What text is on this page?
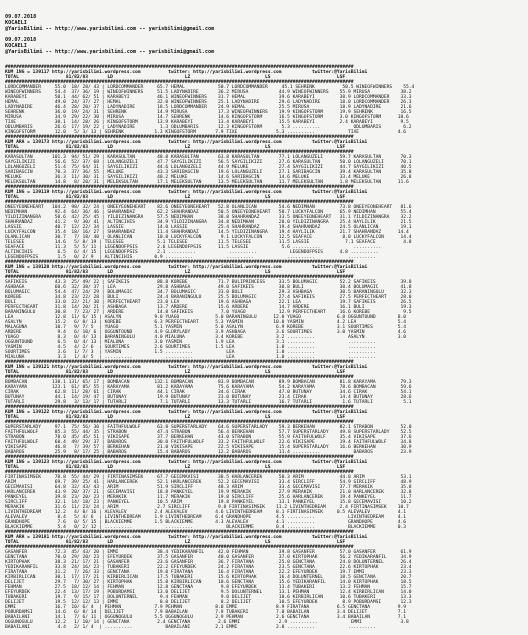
09.07.2018
KOCAELI
@YarisBilimi -- http://www.yarisbilimi.com -- yarisbilimi@gmail.com
09.07.2018
KOCAELI
@YarisBilimi -- http://www.yarisbilimi.com -- yarisbilimi@gmail.com

##############################################################################################################################
KUM 1NG = 139117 http://yarisbilimi.wordpress.com          twitter: http://yarisbilimi.wordpress.com           twitter:@YarisBilimi
TOTAL                 81/82/83       LD                          LZ                           LS                        LSF
##############################################################################################################################
LORDCOMMANDER     55.0  18/ 28/ 43 | LORDCOMMANDER     65.7 HEMAL            50.7 LORDCOMMANDER     45.1 SEHRENK          50.5 WINEOFWINNERS    55.4
WINEOFWINNERS     54.4  37/ 36/ 19 | WINEOFWINNERS     51.5 LADYNADIRE       36.2 MIRUSA           44.9 WINEOFWINNERS    55.9 MIRUSA           38.2
KARABEYI          50.1  44/ 62/ 51 | KARABEYI          46.1 WINEOFWINNERS    31.7 HEMAL            39.6 KARABEYI         38.9 LORDCOMMANDER    33.3
HEMAL             49.0  24/ 37/ 27 | HEMAL             32.0 WINEOFWINNERS    25.1 LADYNADIRE       29.6 LADYNADIRE       18.0 LORDCOMMANDER    26.3
LADYNADIRE        46.4  28/ 20/ 37 | LADYNADIRE        18.5 LORDCOMMANDER    24.9 HEMAL            25.5 MIRUSA           18.9 LADYNADIRE       21.6
SEHRENK           36.0  19/ 24/ 31 | SEHRENK           14.9 MIRUSA           17.3 WINEOFWINNERS    19.9 KINGOFSTORM      19.9 SEHRENK          16.5
MIRUSA            34.9  29/ 22/ 30 | MIRUSA            14.7 SEHRENK          14.6 KINGOFSTORM      16.5 KINGOFSTORM      3.0 KINGOFSTORM      10.6
TIXE              30.1  14/ 28/ 26 | KINGOFSTORM       13.9 KARABEYI         13.4 KARABEYI         15.5 KARABEYI         2.4 KARABEYI          9.5
ODLUMBARIS        26.6  17/ 19/ 22 | LADYNADIRE         1.3 ODLUMBARIS       12.3 KINGOFSTORM       5.3 ..........            ODLUMBARIS        6.2
KINGOFSTORM       12.0   5/ 3/ 13 | SEHRENK           1.3 KINGOFSTORM       7.9 TIXE              5.3 ..........            TIXE              4.6
##############################################################################################################################
KUM ARA = 139173 http://yarisbilimi.wordpress.com          twitter: http://yarisbilimi.wordpress.com           twitter:@YarisBilimi
TOTAL                 81/82/83       LD                          LZ                           LS                        LSF
##############################################################################################################################
KARASULTAN       101.3  94/ 51/ 29 | KARASULTAN        48.8 KARASULTAN       63.8 KARASULTAN       77.1 LOLANGUZELI      59.7 KARASULTAN       70.3
SAYGILIKIZI       56.6  52/ 37/ 68 | LOLANGUZELI       47.7 SAYGILIKIZI      56.5 SAYGILIKIZI      27.6 KARASULTAN       50.0 LOLANGUZELI      70.1
LOLANGUZELI       51.4  75/ 64/ 31 | SAYGILIKIZI       44.6 LOLANGUZELI      44.9 MELUKE           27.4 SAYGILIKIZI      44.7 SAYGILIKIZI      40.5
SARIBAGCIN        70.3  37/ 36/ 55 | MELUKE            43.3 SARIBAGCIN       19.6 LOLANGUZELI      27.1 SARIBAGCIN       39.4 KARASULTAN       35.8
MELUKE            36.3  11/ 30/ 31 | SAYGILIKIZI       40.2 MELUKE           14.6 SARIBAGCIN       14.6 MELUKE           33.4 MELUKE           26.8
MELEKSULTAN       14.8   8/ 20/ 31 | MELEKSULTAN       17.1 MELEKSULTAN      13.5 MELEKSULTAN      11.7 MELEKSULTAN      1.8 MELEKSULTAN      11.6
##############################################################################################################################
KUM 1NG = 139119 http://yarisbilimi.wordpress.com          twitter: http://yarisbilimi.wordpress.com           twitter:@YarisBilimi
TOTAL                 81/82/83       LD                          LZ                           LS                        LSF
##############################################################################################################################
ONEEYEONEHEART   104.2  98/ 32/ 24 | ONEEYEONEHEART    82.6 ONEEYEONEHEART   52.8 OLANLICAN        54.6 NEDIMHAN         73.8 ONEEYEONEHEART   81.6
NEDIMHAN          92.4  64/ 36/ 46 | SHAHRANDAZ        62.2 SHAHRANDAZ       50.5 ONEEYEONEHEART   50.7 LUCKYFALCON      65.9 NEDIMHAN         55.4
YILDIZINANGRA     50.6  42/ 25/ 45 | YILDIZINANGRA     57.5 NEDIMHAN         38.8 SHAHRANDAZ       33.5 ONEEYEONEHEART   31.1 YILDIZINANGRA    32.2
SHAHRANDAZ        41.2   9/ 30/ 41 | ALTINCIHIS        34.9 YILDIZINANGRA    34.8 NEDIMHAN         20.0 YILDIZINANGRA    25.4 HAYLILIK         21.5
LASSIE            40.7  12/ 22/ 34 | LASSIE            14.0 LASSIE           25.4 SHAHRANDAZ       19.4 SHAHRANDAZ       24.5 OLANLICAN        19.1
LUCKYFALCON       35.4  18/ 16/ 27 | SHAHRANDAZ        11.4 SHAHRANDAZ       14.5 YILDIZINANGRA    19.4 HAYLILIK         21.7 SHAHRANDAZ      14.4
OLANLICAN         30.7   7/ 18/ 40 | OLANLICAN         10.8 LUCKYFALCON       9.1 LUCKYFALCON      12.5 SEAFACE           8.0 LUCKYFALCON      14.4
TELESEE           14.6   5/ 8/ 19 | TELESEE            5.1 TELESEE           11.5 TELESEE          11.5 LASSIE             7.1 SEAFACE          4.8
SEAFACE           11.3   5/ 5/ 11 | LEGENDOFPSIS       2.6 LEGENDOFPSIS      11.5 LASSIE            5.6 ..........            ..........
ALTINCIHIS         6.5   6/ 4/ 15 | LEGENDOFPSIS       2.1 ..........            ..........            LEGENDOFPSIS      4.8 ..........
LEGENDOFPSIS       1.5   0/ 2/ 9  | ALTINCIHIS        0.9 ..........            ..........            ..........            ..........
##############################################################################################################################
KUM 1NG = 139120 http://yarisbilimi.wordpress.com          twitter: http://yarisbilimi.wordpress.com           twitter:@YarisBilimi
TOTAL                 81/82/83       LD                          LZ                           LS                        LSF
##############################################################################################################################
SAFIKEIS          43.3  25/ 49/ 22 | SAFIKEIS          88.8 KOREBE           71.7 BULIPRINCESS     33.5 BOLUMAGIC        52.2 SAFIKEIS         39.0
ASHBAGA           60.6  32/ 38/ 37 | LEA               29.8 ASHBAGA          49.0 SAFIKEIS         30.8 BULI             30.4 BOLUMAGIC        41.8
BOLUMAGIC         54.4  47/ 24/ 29 | BOLUMAGIC         34.7 BOLUMAGIC        33.0 BULI             29.3 ASHBAGA          30.5 BARANINGULU      32.3
KOREBE            34.8  23/ 22/ 28 | BULI              24.4 BARANINGULU      25.5 BOLUMAGIC        27.4 SAFIKEIS         27.5 PERFECTHEART     28.0
BULI              33.0  22/ 21/ 30 | PERFECTHEART      23.0 LEA              19.6 ASHBAGA          22.1 LEA              19.7 SAFIKEIS         26.5
PERFECTHEART      31.8  14/ 20/ 21 | ASHBAGA           13.7 ARDERE           15.6 ARDERE           14.7 ARDERE           16.1 BULI             19.3
BARANINGULU       30.8   7/ 23/ 27 | ARDERE            14.8 SAFIKEIS          7.0 YUAGO            12.9 PERFECTHEART     16.6 KOREBE            9.5
LEA               12.8  11/ 6/ 15 | ASALYN            9.0 YUAGO             5.0 BARANINGULU      12.0 YUAGO             6.8 OGGUNTOUND        8.0
ASALYN            15.2   6/ 8/ 13 | KOREBE            6.3 PERFECTHEART      5.3 YASMIN           10.0 YASMIN            4.2 LEA               5.4
MALAGUNA          10.7   9/ 7/ 5  | YUAGO             5.1 YASMIN            5.0 ASALYN            6.9 KOREBE            3.1 SOURTIMES         5.4
ARDERE             9.4   6/ 10/ 6 | OGGUNTOUND        4.9 GLORYLADY         3.9 ASHBAGA           3.6 SOURTIMES         3.0 YASMIN            4.6
YUAGO              8.3   0/ 4/ 13 | BARANINGULU       4.0 MIALUNA           3.4 KOREBE            3.2 ..........            ASALYN            3.0
OGGUNTOUND         6.5   0/ 4/ 13 | MIALUNA           3.0 YASMIN            1.9 LEA               3.1 ..........            ..........
YASMIN             4.5   4/ 2/ 6  | SOURTIMES         2.6 SOURTIMES         1.5 LEA               1.0 ..........            ..........
SOURTIMES          3.6   1/ 7/ 3  | YASMIN            1.5 ..........            LEA               1.0 ..........            ..........
MIALUNA            3.3   1/ 4/ 5  | ..........            ..........            LEA               1.0 ..........            ..........
##############################################################################################################################
KUM 1NG = 139121 http://yarisbilimi.wordpress.com          twitter: http://yarisbilimi.wordpress.com           twitter:@YarisBilimi
TOTAL                 81/82/83       LD                          LZ                           LS                        LSF
##############################################################################################################################
BOMBACAN         138.1 131/ 65/ 17 | BOMBACAN         132.1 BOMBACAN         83.9 BOMBACAN         89.9 BOMBACAN         81.8 KARAYAMA         79.3
KARAYAMA         123.1  61/ 85/ 55 | KARAYAMA          81.2 KARAYAMA         75.6 KARAYAMA         54.2 KARAYAMA         78.6 BOMBACAN         59.6
CIRAK             62.8  11/ 28/ 61 | CIRAK             44.1 CIRAK            34.6 CIRAK            47.0 BUTUNAY          34.6 CIRAK            54.1
BUTUNAY           44.1  14/ 19/ 47 | BUTUNAY           19.9 BUTUNAY          23.0 BUTUNAY          23.4 CIRAK            14.4 BUTUNAY          28.6
TUTARLI           29.8   3/ 13/ 17 | TUTARLI            7.1 TUTARLI          13.3 TUTARLI          16.7 TUTARLI           1.6 TUTARLI           5.1
##############################################################################################################################
KUM 1NG = 139122 http://yarisbilimi.wordpress.com          twitter: http://yarisbilimi.wordpress.com           twitter:@YarisBilimi
TOTAL                 81/82/83       LD                          LZ                           LS                        LSF
##############################################################################################################################
SUPERSTARLADY     97.1  75/ 56/ 30 | FAITHFULWOLF      63.8 SUPERSTARLADY    64.6 SUPERSTARLADY    59.3 BERKEHAN         82.1 STRABON          52.0
FAITHFULWOLF      85.3  55/ 44/ 35 | STRABON           47.4 STRABON          56.4 BERKEHAN         57.7 SUPERSTARLADY    49.8 SUPERSTARLADY    52.5
STRABON           78.0  45/ 45/ 51 | VIKISAPE          37.7 BERKEHAN         43.0 STRABON          55.9 FAITHFULWOLF     35.4 VIKISAPE         37.6
FAITHFULWOLF      68.4  49/ 29/ 37 | BABAROS           30.0 FAITHFULWOLF     33.2 FAITHFULWOLF     22.6 VIKISAPE         19.4 FAITHFULWOLF     34.8
VIKISAPE          46.8   7/ 39/ 57 | BERKEHAN          21.0 VIKISAPE         22.5 VIKISAPE         15.4 SUPERSTARLADY    16.6 BERKEHAN         30.9
BABAROS           25.9   8/ 17/ 25 | BABAROS           15.4 BABAROS          12.2 BABAROS          11.4 ..........            BABAROS          23.9
##############################################################################################################################
KUM 1NG = 139123 http://yarisbilimi.wordpress.com          twitter: http://yarisbilimi.wordpress.com           twitter:@YarisBilimi
TOTAL                 81/82/83       LD                          LZ                           LS                        LSF
##############################################################################################################################
FIRTINASIMSEK     78.8  55/ 44/ 29 | FIRTINASIMSEK     67.7 GECEMAVISI       38.5 HARLANCEREK      50.3 ARIM             44.0 ARIM             53.1
ARIM              69.7  39/ 25/ 41 | HARLANCEREK       52.1 HARLANCEREK      52.2 GECEMAVISI       33.4 SIRCLIFF         54.9 SIRCLIFF         48.9
GECEMAVISI        64.8  32/ 43/ 43 | ARIM              51.9 SIRCLIFF         48.3 ARIM             33.4 GECEMAVISI       37.7 MERAKIK          35.8
HARLANCEREK       43.9  20/ 37/ 21 | GECEMAVISI        18.8 PANKEYEL         19.9 MERAKIK          27.9 MERAKIK          21.0 HARLANCEREK      32.8
PANKEYEL          39.8  23/ 20/ 23 | MERAKIK           11.7 MERAKIK          19.8 SIRCLIFF         25.6 HARLANCEREK      19.4 PANKEYEL         11.7
SIRCLIFF          32.1  14/ 18/ 23 | PANKEYEL          10.5 ARIM             19.8 PANKEYEL         13.1 PANKEYEL         15.8 GECEMAVISI       10.2
MERAKIK           31.6  11/ 23/ 24 | ARIM              2.7 SIRCLIFF          9.8 FIRTINASIMSEK    11.2 LIVINTHEDREAM     2.4 FIRTINASIMSEK    10.7
LIVINTHEDREAM     12.2   4/ 8/ 16 | ALEVALEV          2.4 ALEVALEV          4.6 LIVINTHEDREAM     8.1 FIRTINASIMSEK     0.5 ALEVALEV          4.1
ALEVALEV           8.4   5/ 4/ 6  | LIVINTHEDREAM     1.9 LIVINTHEDREAM     6.4 GRANDHOPE         4.5 ..........            LIVINTHEDREAM     4.1
GRANDHOPE          7.6   0/ 5/ 15 | BLACKIEMME        1.5 BLACKIEMME        4.3 ALEVALEV          4.1 ..........            GRANDHOPE         4.6
BLACKIEMME         5.4   0/ 2/ 12 | ..........            ..........            BLACKIEMME        0.4 ..........            BLACKIEMME        0.3
##############################################################################################################################
KUM ARA = 139181 http://yarisbilimi.wordpress.com          twitter: http://yarisbilimi.wordpress.com           twitter:@YarisBilimi
TOTAL                 81/82/83       LD                          LZ                           LS                        LSF
##############################################################################################################################
GASANFER          72.3  45/ 43/ 20 | EMMI              38.4 YEDIKARANFIL     42.0 FEHMAN           39.8 GASANFER         57.0 GASANFER         61.9
GENCTANA          70.0  29/ 20/ 23 | EFEYURDEK         37.5 GASANFER         40.0 GASANFER         37.0 KIRTOPHAK        56.2 YEDIKARANFIL     34.9
KIRTOPHAK         38.3  21/ 17/ 21 | GASANFER          23.6 GASANFER         36.7 FIRATANA         25.0 GENCTANA         24.0 DOLUNTERNEL      26.4
YEDIKARANFIL      33.8  24/ 16/ 23 | TUBAKERI          22.2 EFEYURDEK        24.2 FIRATANA         23.5 GENCTANA         22.6 KIRTOPHAK        23.4
FIRATANA          31.2   7/ 26/ 33 | GENCTANA          19.0 FIRATANA         16.4 FIRATANA         22.2 EFEYURDEK        19.7 EMMI             23.3
KIRBIRLICAN       30.1  17/ 17/ 21 | KIRBIRLICAN       17.5 TUBAKERI         15.6 KIRTOPHAK        16.4 DOLUNTERNEL      18.5 GENCTANA         20.7
DELIJET           29.7   7/ 30/ 27 | KIRTOPHAK         15.8 KIRBIRLICAN      10.6 GENCTANA         15.6 YEDIKARANFIL     14.0 KIRTOPHAK        18.5
FEHMAN            27.5  18/ 12/ 14 | FEHMAN            12.8 GENCTANA          9.8 EFEYURDEK        13.4 TUBAKERI         13.2 FEHMAN           15.7
EFEYURDEK         22.4  13/ 17/ 19 | POBURDAMSI        13.0 DELIJET           9.5 DOLUNTERNEL      13.1 PEHMAN           12.4 KIRBIRLICAN      14.0
TUBAKERI          19.7   9/ 15/ 17 | DOLUNTERNEL        9.4 FEHMAN            9.0 DELIJET          10.6 KIRBIRLICAN      10.6 TUBAKERI         13.3
DELIJET           19.5  12/ 12/ 13 | EMMI               8.0 DELIJET           8.2 DELIJET          10.5 EFEYURDEK         8.9 POBURDAMSI       12.3
EMMI              16.7  10/ 6/ 4  | PEHMAN            7.9 PEHMAN            8.0 EMMI              8.9 FIRATANA          6.5 GENCTANA          9.9
POBURDAMSI        14.6   6/ 8/ 14 | DELIJET           7.9 BABAILAN          7.9 TUBAKERI          7.0 BABAILAN          3.4 DELIJET           7.1
BABAILANI         14.1   7/ 6/ 11 | OGGUNOGULU        5.5 OGGUNOGULU        2.9 PEHMAN            2.6 GENCTANA          3.4 BABAILAN          7.1
OGGUNOGULU        12.2   1/ 10/ 14 | GENCTANA          2.4 GENCTANA          2.6 EMMI              2.9 ..........            EMMI              3.8
BABAILANI          4.4   2/ 1/ 4  | ..........            BABAILANI         2.1 EMMI              2.0 ..........            ..........
